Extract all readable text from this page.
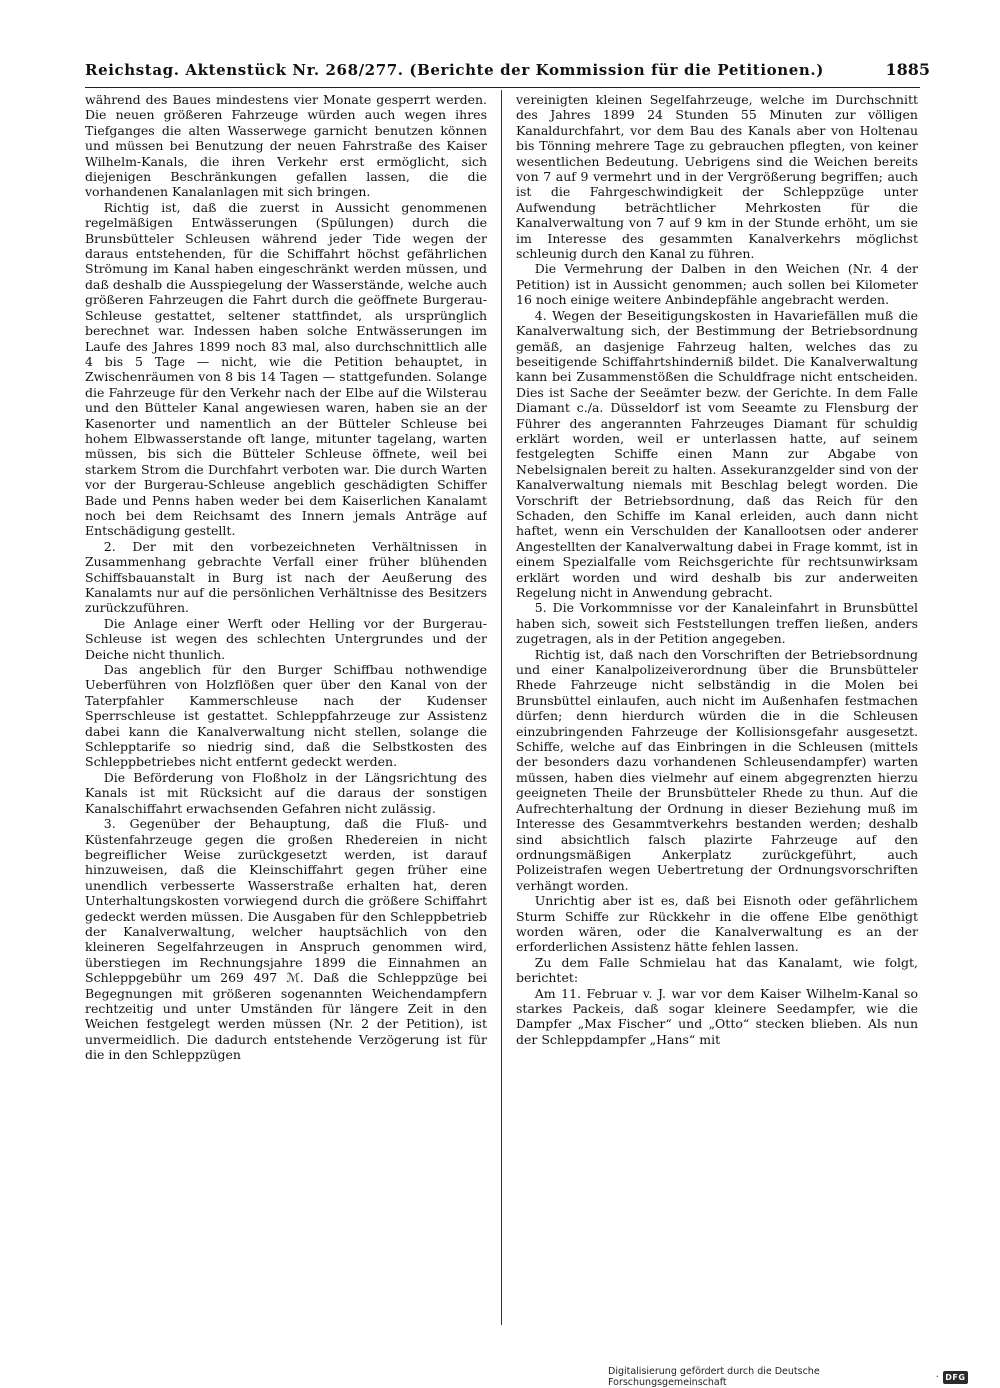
Reichstag. Aktenstück Nr. 268/277. (Berichte der Kommission für die Petitionen.)	1885

während des Baues mindestens vier Monate gesperrt werden. Die neuen größeren Fahrzeuge würden auch wegen ihres Tiefganges die alten Wasserwege garnicht benutzen können und müssen bei Benutzung der neuen Fahrstraße des Kaiser Wilhelm-Kanals, die ihren Verkehr erst ermöglicht, sich diejenigen Beschränkungen gefallen lassen, die die vorhandenen Kanalanlagen mit sich bringen.

Richtig ist, daß die zuerst in Aussicht genommenen regelmäßigen Entwässerungen (Spülungen) durch die Brunsbütteler Schleusen während jeder Tide wegen der daraus entstehenden, für die Schiffahrt höchst gefährlichen Strömung im Kanal haben eingeschränkt werden müssen, und daß deshalb die Ausspiegelung der Wasserstände, welche auch größeren Fahrzeugen die Fahrt durch die geöffnete Burgerau-Schleuse gestattet, seltener stattfindet, als ursprünglich berechnet war. Indessen haben solche Entwässerungen im Laufe des Jahres 1899 noch 83 mal, also durchschnittlich alle 4 bis 5 Tage — nicht, wie die Petition behauptet, in Zwischenräumen von 8 bis 14 Tagen — stattgefunden. Solange die Fahrzeuge für den Verkehr nach der Elbe auf die Wilsterau und den Bütteler Kanal angewiesen waren, haben sie an der Kasenorter und namentlich an der Bütteler Schleuse bei hohem Elbwasserstande oft lange, mitunter tagelang, warten müssen, bis sich die Bütteler Schleuse öffnete, weil bei starkem Strom die Durchfahrt verboten war. Die durch Warten vor der Burgerau-Schleuse angeblich geschädigten Schiffer Bade und Penns haben weder bei dem Kaiserlichen Kanalamt noch bei dem Reichsamt des Innern jemals Anträge auf Entschädigung gestellt.

2. Der mit den vorbezeichneten Verhältnissen in Zusammenhang gebrachte Verfall einer früher blühenden Schiffsbauanstalt in Burg ist nach der Aeußerung des Kanalamts nur auf die persönlichen Verhältnisse des Besitzers zurückzuführen.

Die Anlage einer Werft oder Helling vor der Burgerau-Schleuse ist wegen des schlechten Untergrundes und der Deiche nicht thunlich.

Das angeblich für den Burger Schiffbau nothwendige Ueberführen von Holzflößen quer über den Kanal von der Taterpfahler Kammerschleuse nach der Kudenser Sperrschleuse ist gestattet. Schleppfahrzeuge zur Assistenz dabei kann die Kanalverwaltung nicht stellen, solange die Schlepptarife so niedrig sind, daß die Selbstkosten des Schleppbetriebes nicht entfernt gedeckt werden.

Die Beförderung von Floßholz in der Längsrichtung des Kanals ist mit Rücksicht auf die daraus der sonstigen Kanalschiffahrt erwachsenden Gefahren nicht zulässig.

3. Gegenüber der Behauptung, daß die Fluß- und Küstenfahrzeuge gegen die großen Rhedereien in nicht begreiflicher Weise zurückgesetzt werden, ist darauf hinzuweisen, daß die Kleinschiffahrt gegen früher eine unendlich verbesserte Wasserstraße erhalten hat, deren Unterhaltungskosten vorwiegend durch die größere Schiffahrt gedeckt werden müssen. Die Ausgaben für den Schleppbetrieb der Kanalverwaltung, welcher hauptsächlich von den kleineren Segelfahrzeugen in Anspruch genommen wird, überstiegen im Rechnungsjahre 1899 die Einnahmen an Schleppgebühr um 269 497 ℳ. Daß die Schleppzüge bei Begegnungen mit größeren sogenannten Weichendampfern rechtzeitig und unter Umständen für längere Zeit in den Weichen festgelegt werden müssen (Nr. 2 der Petition), ist unvermeidlich. Die dadurch entstehende Verzögerung ist für die in den Schleppzügen

vereinigten kleinen Segelfahrzeuge, welche im Durchschnitt des Jahres 1899 24 Stunden 55 Minuten zur völligen Kanaldurchfahrt, vor dem Bau des Kanals aber von Holtenau bis Tönning mehrere Tage zu gebrauchen pflegten, von keiner wesentlichen Bedeutung. Uebrigens sind die Weichen bereits von 7 auf 9 vermehrt und in der Vergrößerung begriffen; auch ist die Fahrgeschwindigkeit der Schleppzüge unter Aufwendung beträchtlicher Mehrkosten für die Kanalverwaltung von 7 auf 9 km in der Stunde erhöht, um sie im Interesse des gesammten Kanalverkehrs möglichst schleunig durch den Kanal zu führen.

Die Vermehrung der Dalben in den Weichen (Nr. 4 der Petition) ist in Aussicht genommen; auch sollen bei Kilometer 16 noch einige weitere Anbindepfähle angebracht werden.

4. Wegen der Beseitigungskosten in Havariefällen muß die Kanalverwaltung sich, der Bestimmung der Betriebsordnung gemäß, an dasjenige Fahrzeug halten, welches das zu beseitigende Schiffahrtshinderniß bildet. Die Kanalverwaltung kann bei Zusammenstößen die Schuldfrage nicht entscheiden. Dies ist Sache der Seeämter bezw. der Gerichte. In dem Falle Diamant c./a. Düsseldorf ist vom Seeamte zu Flensburg der Führer des angerannten Fahrzeuges Diamant für schuldig erklärt worden, weil er unterlassen hatte, auf seinem festgelegten Schiffe einen Mann zur Abgabe von Nebelsignalen bereit zu halten. Assekuranzgelder sind von der Kanalverwaltung niemals mit Beschlag belegt worden. Die Vorschrift der Betriebsordnung, daß das Reich für den Schaden, den Schiffe im Kanal erleiden, auch dann nicht haftet, wenn ein Verschulden der Kanallootsen oder anderer Angestellten der Kanalverwaltung dabei in Frage kommt, ist in einem Spezialfalle vom Reichsgerichte für rechtsunwirksam erklärt worden und wird deshalb bis zur anderweiten Regelung nicht in Anwendung gebracht.

5. Die Vorkommnisse vor der Kanaleinfahrt in Brunsbüttel haben sich, soweit sich Feststellungen treffen ließen, anders zugetragen, als in der Petition angegeben.

Richtig ist, daß nach den Vorschriften der Betriebsordnung und einer Kanalpolizeiverordnung über die Brunsbütteler Rhede Fahrzeuge nicht selbständig in die Molen bei Brunsbüttel einlaufen, auch nicht im Außenhafen festmachen dürfen; denn hierdurch würden die in die Schleusen einzubringenden Fahrzeuge der Kollisionsgefahr ausgesetzt. Schiffe, welche auf das Einbringen in die Schleusen (mittels der besonders dazu vorhandenen Schleusendampfer) warten müssen, haben dies vielmehr auf einem abgegrenzten hierzu geeigneten Theile der Brunsbütteler Rhede zu thun. Auf die Aufrechterhaltung der Ordnung in dieser Beziehung muß im Interesse des Gesammtverkehrs bestanden werden; deshalb sind absichtlich falsch plazirte Fahrzeuge auf den ordnungsmäßigen Ankerplatz zurückgeführt, auch Polizeistrafen wegen Uebertretung der Ordnungsvorschriften verhängt worden.

Unrichtig aber ist es, daß bei Eisnoth oder gefährlichem Sturm Schiffe zur Rückkehr in die offene Elbe genöthigt worden wären, oder die Kanalverwaltung es an der erforderlichen Assistenz hätte fehlen lassen.

Zu dem Falle Schmielau hat das Kanalamt, wie folgt, berichtet:

Am 11. Februar v. J. war vor dem Kaiser Wilhelm-Kanal so starkes Packeis, daß sogar kleinere Seedampfer, wie die Dampfer „Max Fischer“ und „Otto“ stecken blieben. Als nun der Schleppdampfer „Hans“ mit

Digitalisierung gefördert durch die Deutsche Forschungsgemeinschaft	· DFG
